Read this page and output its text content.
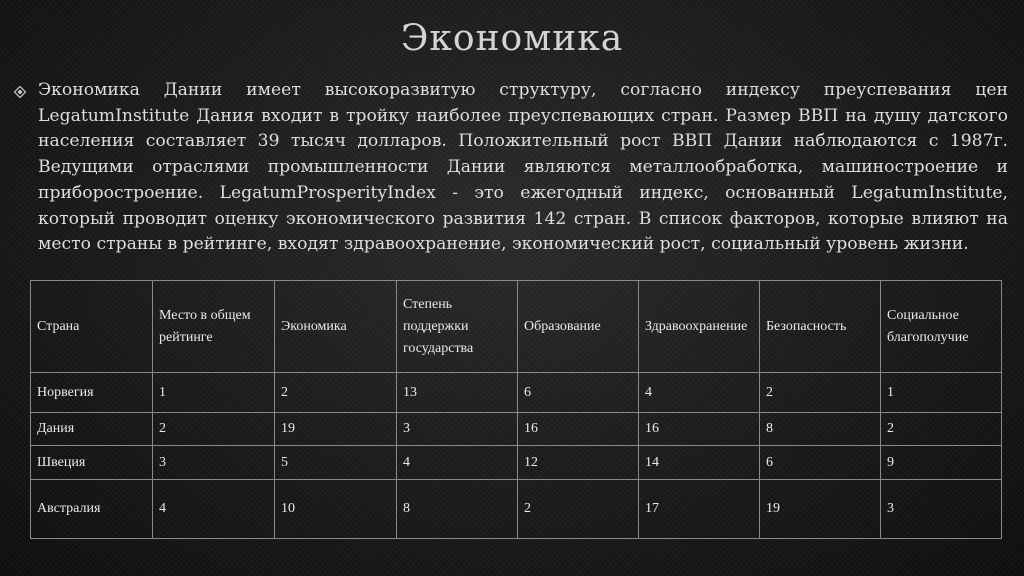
Экономика

Экономика Дании имеет высокоразвитую структуру, согласно индексу преуспевания цен LegatumInstitute Дания входит в тройку наиболее преуспевающих стран. Размер ВВП на душу датского населения составляет 39 тысяч долларов. Положительный рост ВВП Дании наблюдаются с 1987г. Ведущими отраслями промышленности Дании являются металлообработка, машиностроение и приборостроение. LegatumProsperityIndex - это ежегодный индекс, основанный LegatumInstitute, который проводит оценку экономического развития 142 стран. В список факторов, которые влияют на место страны в рейтинге, входят здравоохранение, экономический рост, социальный уровень жизни.

Страна	Место в общем рейтинге	Экономика	Степень поддержки государства	Образование	Здравоохранение	Безопасность	Социальное благополучие
Норвегия	1	2	13	6	4	2	1
Дания	2	19	3	16	16	8	2
Швеция	3	5	4	12	14	6	9
Австралия	4	10	8	2	17	19	3
